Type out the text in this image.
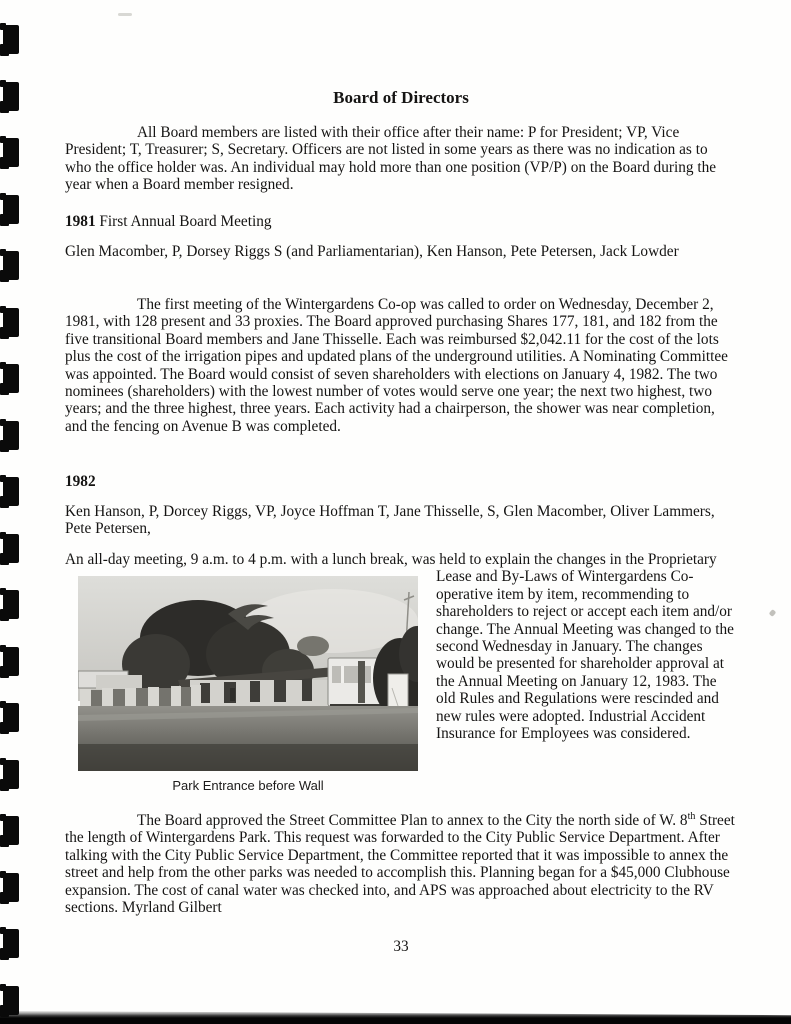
Board of Directors
All Board members are listed with their office after their name: P for President; VP, Vice President; T, Treasurer; S, Secretary. Officers are not listed in some years as there was no indication as to who the office holder was. An individual may hold more than one position (VP/P) on the Board during the year when a Board member resigned.
1981 First Annual Board Meeting
Glen Macomber, P, Dorsey Riggs S (and Parliamentarian), Ken Hanson, Pete Petersen, Jack Lowder
The first meeting of the Wintergardens Co-op was called to order on Wednesday, December 2, 1981, with 128 present and 33 proxies. The Board approved purchasing Shares 177, 181, and 182 from the five transitional Board members and Jane Thisselle. Each was reimbursed $2,042.11 for the cost of the lots plus the cost of the irrigation pipes and updated plans of the underground utilities. A Nominating Committee was appointed. The Board would consist of seven shareholders with elections on January 4, 1982. The two nominees (shareholders) with the lowest number of votes would serve one year; the next two highest, two years; and the three highest, three years. Each activity had a chairperson, the shower was near completion, and the fencing on Avenue B was completed.
1982
Ken Hanson, P, Dorcey Riggs, VP, Joyce Hoffman T, Jane Thisselle, S, Glen Macomber, Oliver Lammers, Pete Petersen,
An all-day meeting, 9 a.m. to 4 p.m. with a lunch break, was held to explain the changes
Park Entrance before Wall
in the Proprietary Lease and By-Laws of Wintergardens Co-operative item by item, recommending to shareholders to reject or accept each item and/or change. The Annual Meeting was changed to the second Wednesday in January. The changes would be presented for shareholder approval at the Annual Meeting on January 12, 1983. The old Rules and Regulations were rescinded and new rules were adopted. Industrial Accident Insurance for Employees was considered.
The Board approved the Street Committee Plan to annex to the City the north side of W. 8th Street the length of Wintergardens Park. This request was forwarded to the City Public Service Department. After talking with the City Public Service Department, the Committee reported that it was impossible to annex the street and help from the other parks was needed to accomplish this. Planning began for a $45,000 Clubhouse expansion. The cost of canal water was checked into, and APS was approached about electricity to the RV sections. Myrland Gilbert
33
